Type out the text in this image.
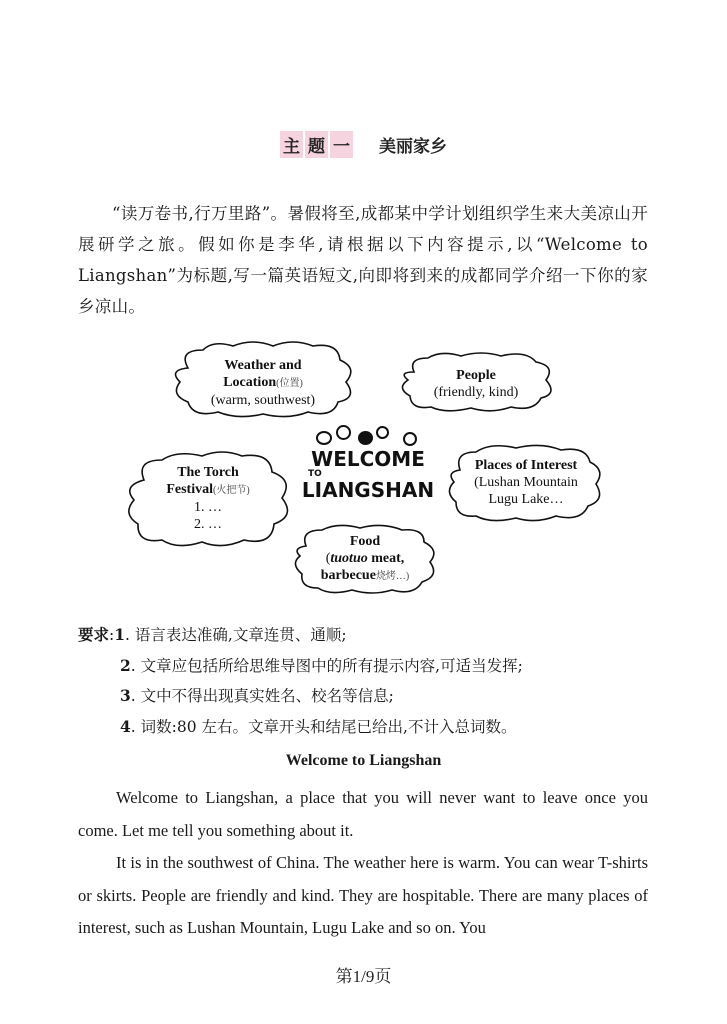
主 题 一 美丽家乡
“读万卷书,行万里路”。暑假将至,成都某中学计划组织学生来大美凉山开展研学之旅。假如你是李华,请根据以下内容提示,以“Welcome to Liangshan”为标题,写一篇英语短文,向即将到来的成都同学介绍一下你的家乡凉山。
Weather and
Location(位置)
(warm, southwest)
People
(friendly, kind)
WELCOME
TO
LIANGSHAN
The Torch
Festival(火把节)
1. …
2. …
Places of Interest
(Lushan Mountain
Lugu Lake…
Food
(tuotuo meat,
barbecue烧烤…)
要求:1. 语言表达准确,文章连贯、通顺;
2. 文章应包括所给思维导图中的所有提示内容,可适当发挥;
3. 文中不得出现真实姓名、校名等信息;
4. 词数:80 左右。文章开头和结尾已给出,不计入总词数。
Welcome to Liangshan

Welcome to Liangshan, a place that you will never want to leave once you come. Let me tell you something about it.

It is in the southwest of China. The weather here is warm. You can wear T-shirts or skirts. People are friendly and kind. They are hospitable. There are many places of interest, such as Lushan Mountain, Lugu Lake and so on. You

第1/9页
